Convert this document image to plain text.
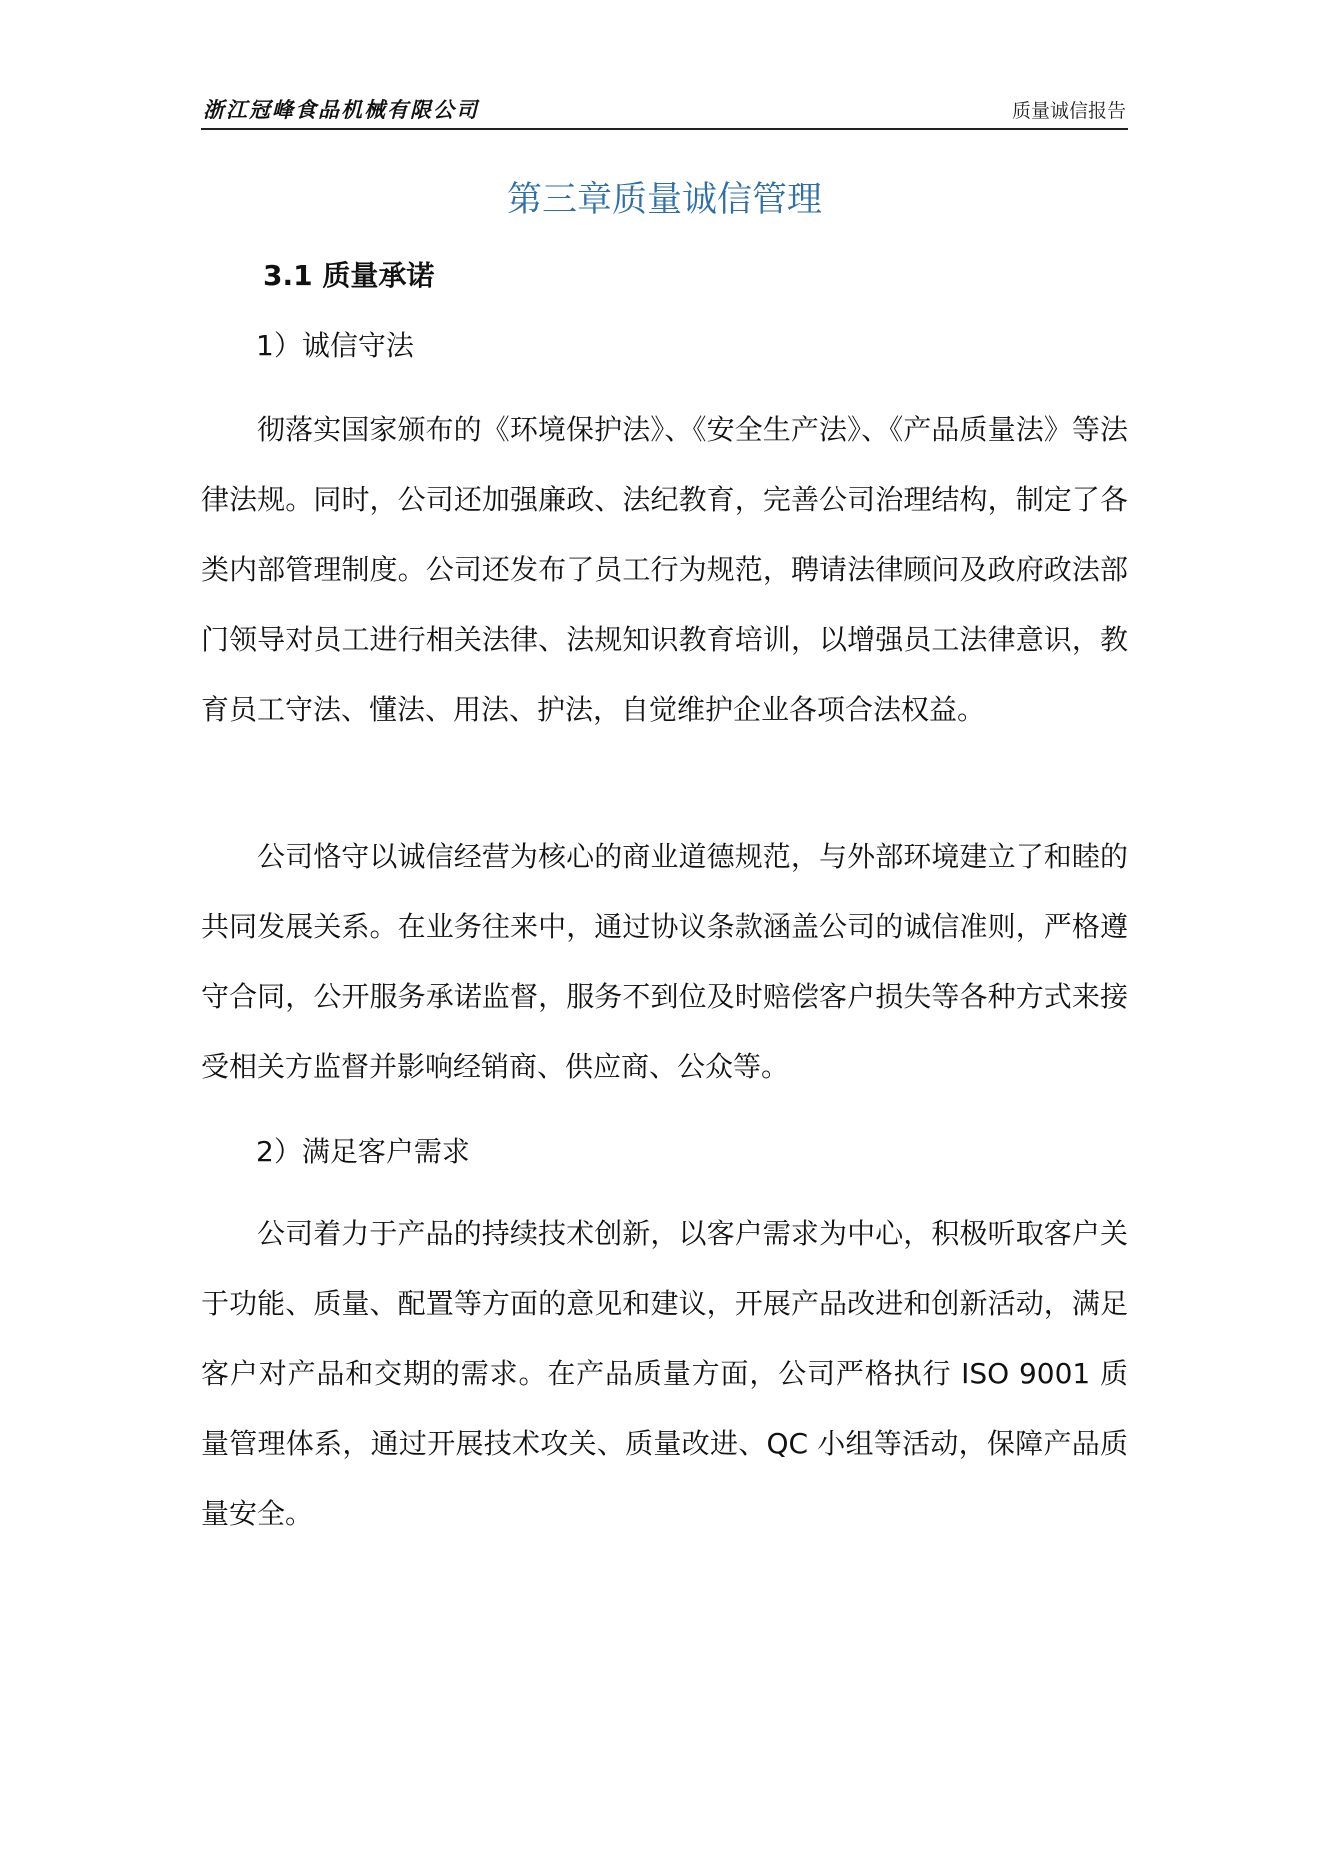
浙江冠峰食品机械有限公司	质量诚信报告
第三章质量诚信管理
3.1 质量承诺
1）诚信守法

彻落实国家颁布的《环境保护法》、《安全生产法》、《产品质量法》等法律法规。同时，公司还加强廉政、法纪教育，完善公司治理结构，制定了各类内部管理制度。公司还发布了员工行为规范，聘请法律顾问及政府政法部门领导对员工进行相关法律、法规知识教育培训，以增强员工法律意识，教育员工守法、懂法、用法、护法，自觉维护企业各项合法权益。

公司恪守以诚信经营为核心的商业道德规范，与外部环境建立了和睦的共同发展关系。在业务往来中，通过协议条款涵盖公司的诚信准则，严格遵守合同，公开服务承诺监督，服务不到位及时赔偿客户损失等各种方式来接受相关方监督并影响经销商、供应商、公众等。

2）满足客户需求

公司着力于产品的持续技术创新，以客户需求为中心，积极听取客户关于功能、质量、配置等方面的意见和建议，开展产品改进和创新活动，满足客户对产品和交期的需求。在产品质量方面，公司严格执行 ISO 9001 质量管理体系，通过开展技术攻关、质量改进、QC 小组等活动，保障产品质量安全。
